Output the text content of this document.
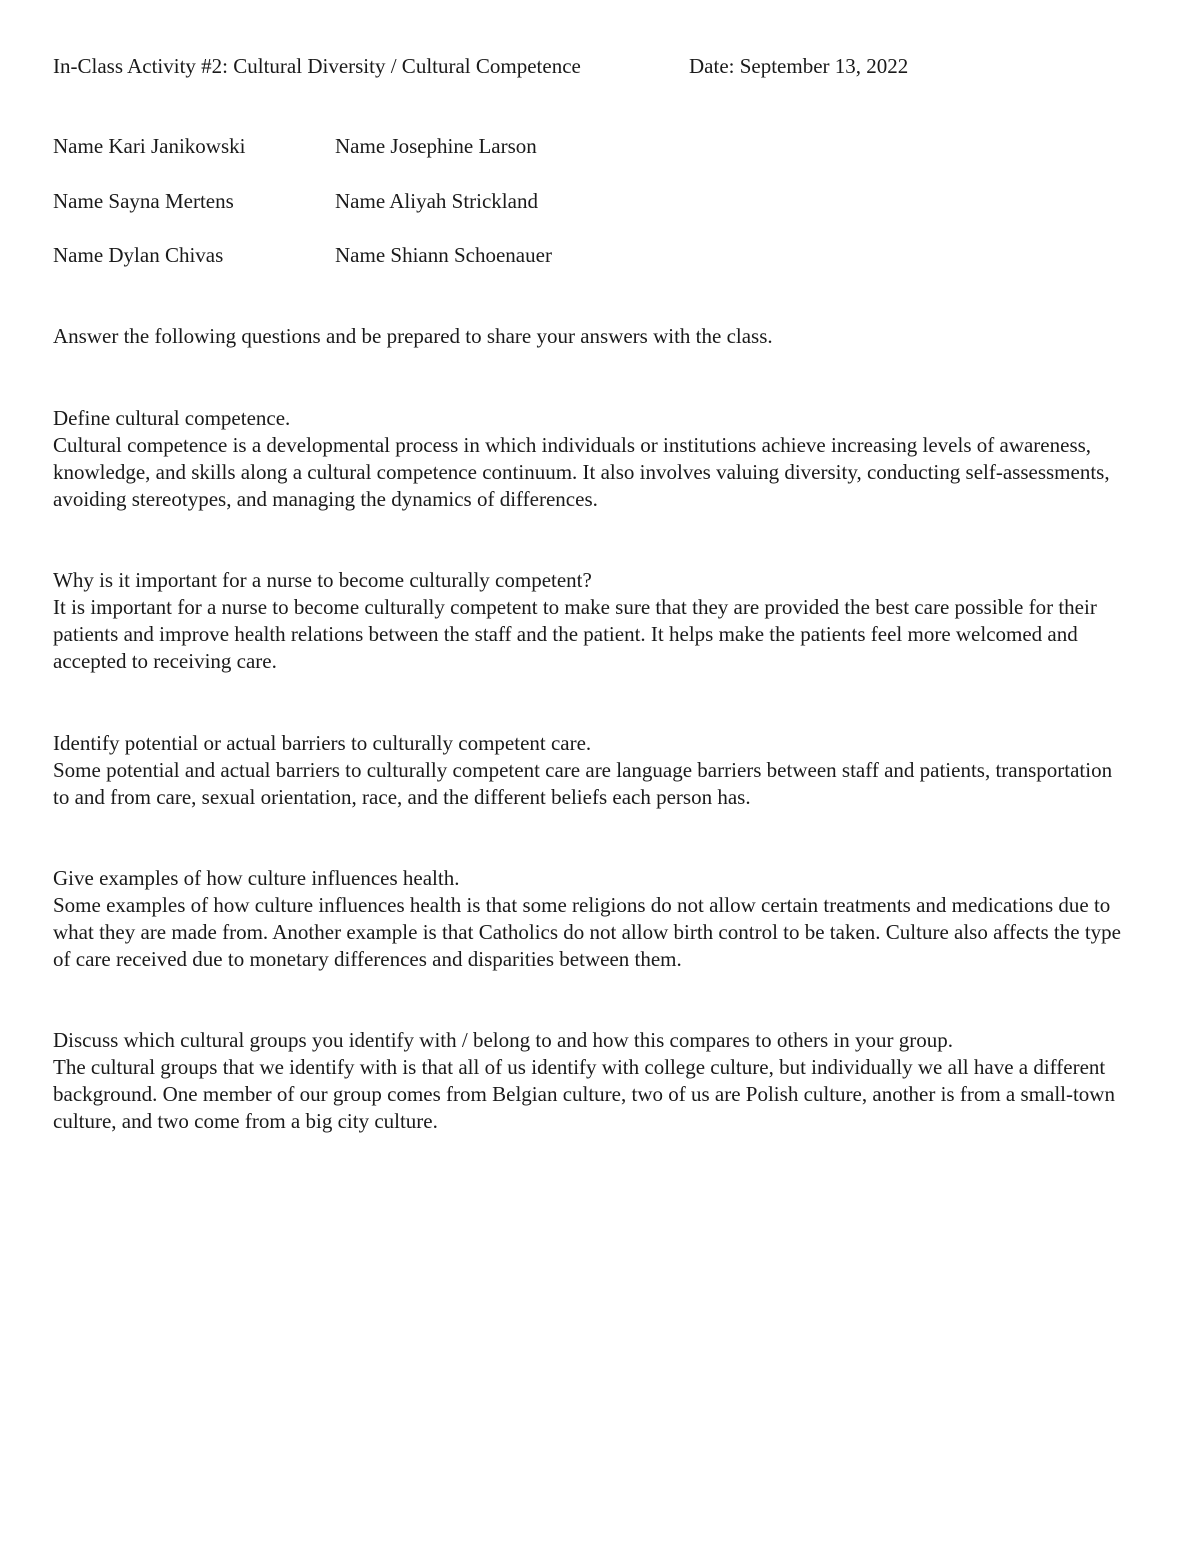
In-Class Activity #2: Cultural Diversity / Cultural Competence	Date: September 13, 2022
Name Kari Janikowski	Name Josephine Larson
Name Sayna Mertens	Name Aliyah Strickland
Name Dylan Chivas	Name Shiann Schoenauer
Answer the following questions and be prepared to share your answers with the class.

Define cultural competence.

Cultural competence is a developmental process in which individuals or institutions achieve increasing levels of awareness, knowledge, and skills along a cultural competence continuum. It also involves valuing diversity, conducting self-assessments, avoiding stereotypes, and managing the dynamics of differences.

Why is it important for a nurse to become culturally competent?

It is important for a nurse to become culturally competent to make sure that they are provided the best care possible for their patients and improve health relations between the staff and the patient. It helps make the patients feel more welcomed and accepted to receiving care.

Identify potential or actual barriers to culturally competent care.

Some potential and actual barriers to culturally competent care are language barriers between staff and patients, transportation to and from care, sexual orientation, race, and the different beliefs each person has.

Give examples of how culture influences health.

Some examples of how culture influences health is that some religions do not allow certain treatments and medications due to what they are made from. Another example is that Catholics do not allow birth control to be taken. Culture also affects the type of care received due to monetary differences and disparities between them.

Discuss which cultural groups you identify with / belong to and how this compares to others in your group.

The cultural groups that we identify with is that all of us identify with college culture, but individually we all have a different background. One member of our group comes from Belgian culture, two of us are Polish culture, another is from a small-town culture, and two come from a big city culture.
